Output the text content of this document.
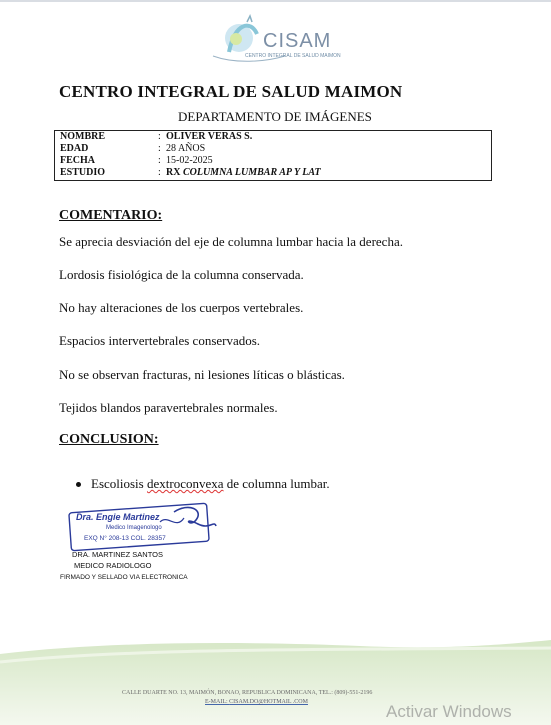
CISAM
CENTRO INTEGRAL DE SALUD MAIMON
CENTRO INTEGRAL DE SALUD MAIMON
DEPARTAMENTO DE IMÁGENES
NOMBRE	: OLIVER VERAS S.
EDAD	: 28 AÑOS
FECHA	: 15-02-2025
ESTUDIO	: RX COLUMNA LUMBAR AP Y LAT
COMENTARIO:
Se aprecia desviación del eje de columna lumbar hacia la derecha.
Lordosis fisiológica de la columna conservada.
No hay alteraciones de los cuerpos vertebrales.
Espacios intervertebrales conservados.
No se observan fracturas, ni lesiones líticas o blásticas.
Tejidos blandos paravertebrales normales.
CONCLUSION:
Escoliosis dextroconvexa de columna lumbar.
Dra. Engie Martinez
Medico Imagenologo
EXQ N° 208-13 COL. 28357
DRA. MARTINEZ SANTOS
MEDICO RADIOLOGO
FIRMADO Y SELLADO VIA ELECTRONICA
CALLE DUARTE NO. 13, MAIMÓN, BONAO, REPUBLICA DOMINICANA, TEL.: (809)-551-2196
E-MAIL: CISAM.DO@HOTMAIL .COM	Activar Windows
